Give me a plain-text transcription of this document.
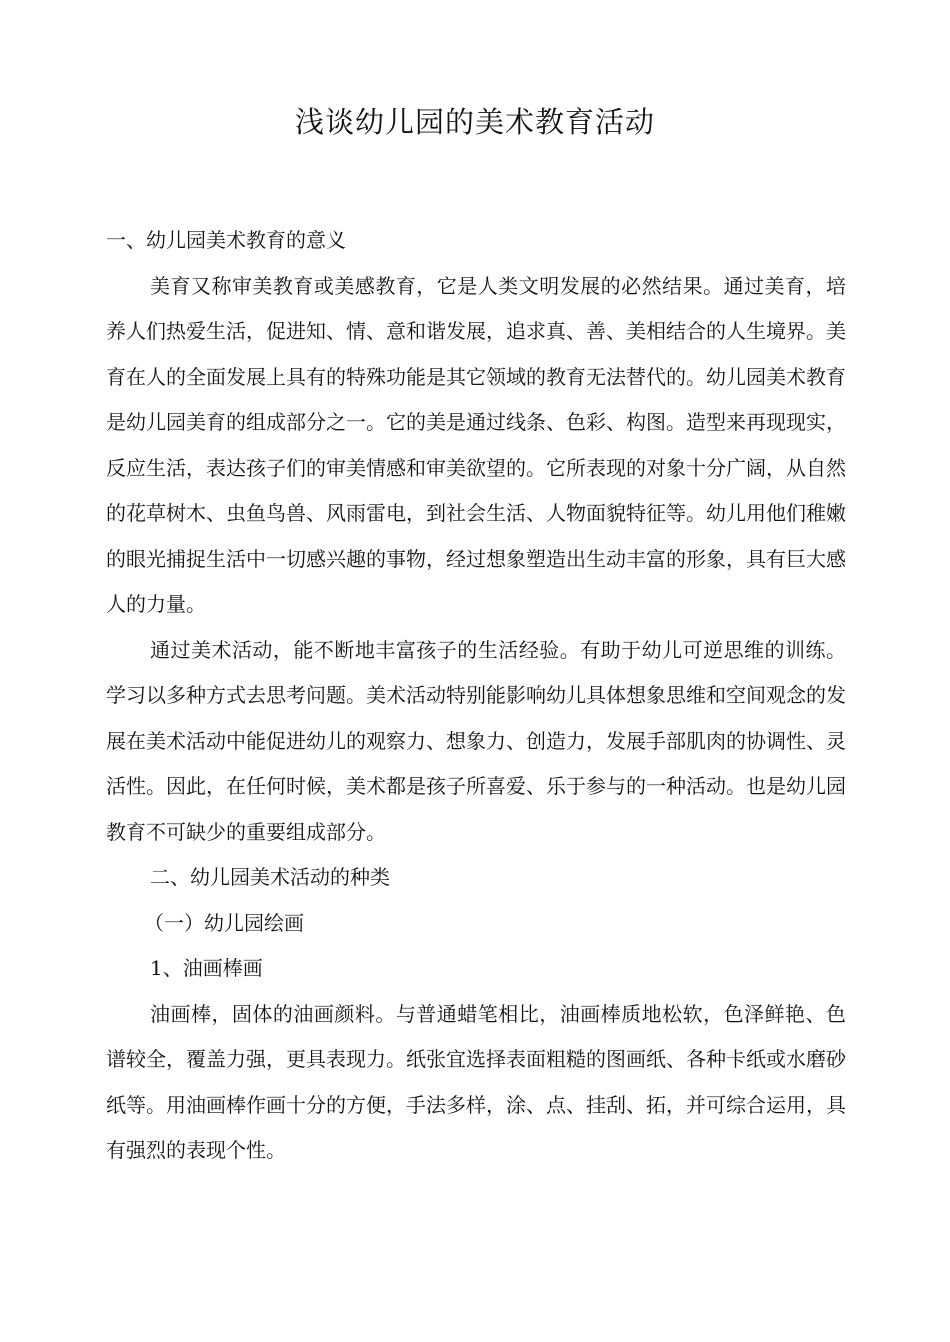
浅谈幼儿园的美术教育活动

一、幼儿园美术教育的意义

美育又称审美教育或美感教育，它是人类文明发展的必然结果。通过美育，培养人们热爱生活，促进知、情、意和谐发展，追求真、善、美相结合的人生境界。美育在人的全面发展上具有的特殊功能是其它领域的教育无法替代的。幼儿园美术教育是幼儿园美育的组成部分之一。它的美是通过线条、色彩、构图。造型来再现现实，反应生活，表达孩子们的审美情感和审美欲望的。它所表现的对象十分广阔，从自然的花草树木、虫鱼鸟兽、风雨雷电，到社会生活、人物面貌特征等。幼儿用他们稚嫩的眼光捕捉生活中一切感兴趣的事物，经过想象塑造出生动丰富的形象，具有巨大感人的力量。

通过美术活动，能不断地丰富孩子的生活经验。有助于幼儿可逆思维的训练。学习以多种方式去思考问题。美术活动特别能影响幼儿具体想象思维和空间观念的发展在美术活动中能促进幼儿的观察力、想象力、创造力，发展手部肌肉的协调性、灵活性。因此，在任何时候，美术都是孩子所喜爱、乐于参与的一种活动。也是幼儿园教育不可缺少的重要组成部分。

二、幼儿园美术活动的种类

（一）幼儿园绘画

1、油画棒画

油画棒，固体的油画颜料。与普通蜡笔相比，油画棒质地松软，色泽鲜艳、色谱较全，覆盖力强，更具表现力。纸张宜选择表面粗糙的图画纸、各种卡纸或水磨砂纸等。用油画棒作画十分的方便，手法多样，涂、点、挂刮、拓，并可综合运用，具有强烈的表现个性。
